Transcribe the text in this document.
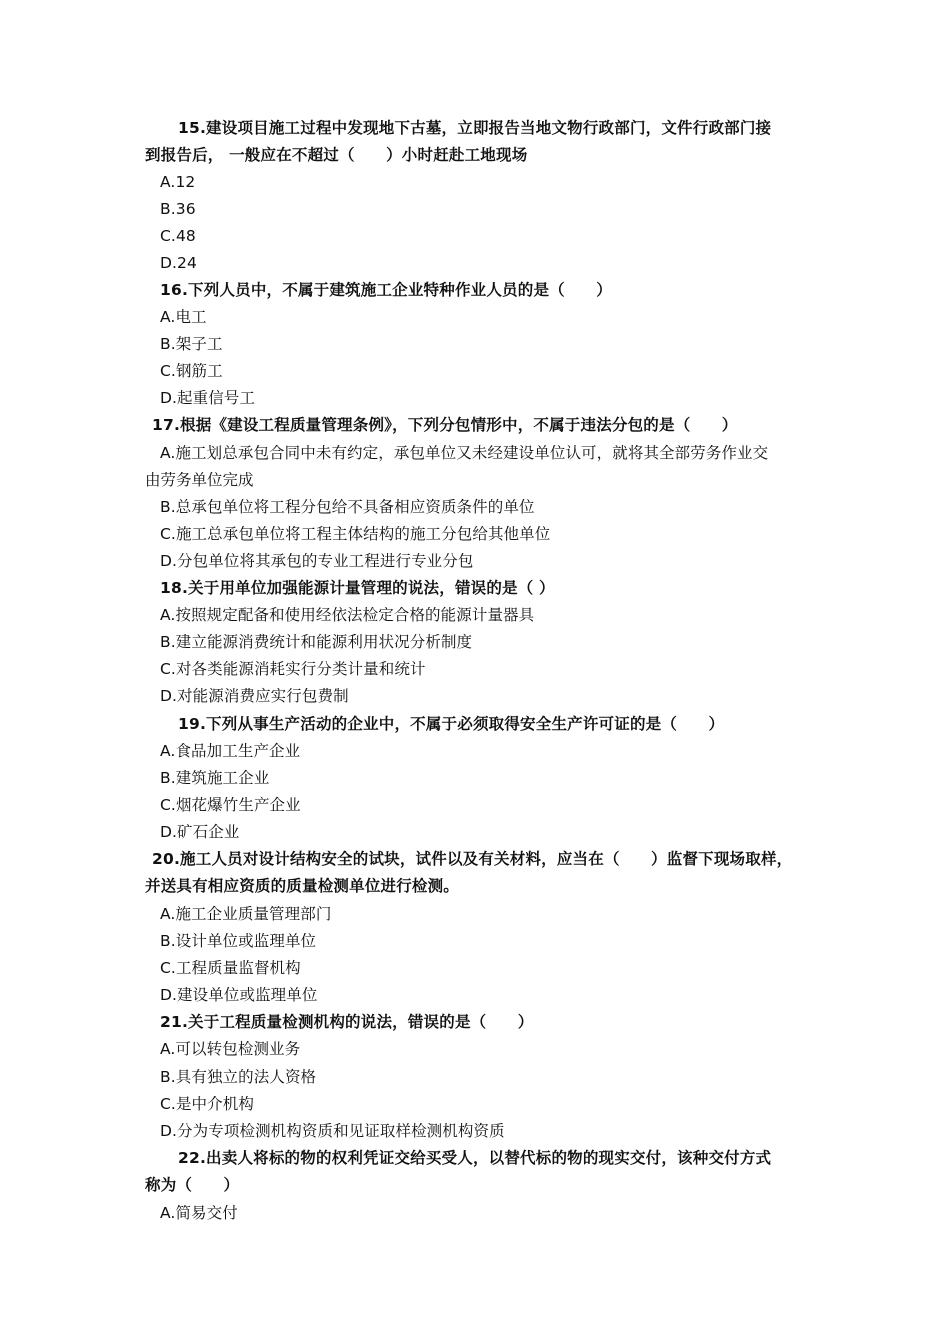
15.建设项目施工过程中发现地下古墓，立即报告当地文物行政部门，文件行政部门接
到报告后， 一般应在不超过（　　）小时赶赴工地现场
A.12
B.36
C.48
D.24
16.下列人员中，不属于建筑施工企业特种作业人员的是（　　）
A.电工
B.架子工
C.钢筋工
D.起重信号工
17.根据《建设工程质量管理条例》，下列分包情形中，不属于违法分包的是（　　）
A.施工划总承包合同中未有约定，承包单位又未经建设单位认可，就将其全部劳务作业交
由劳务单位完成
B.总承包单位将工程分包给不具备相应资质条件的单位
C.施工总承包单位将工程主体结构的施工分包给其他单位
D.分包单位将其承包的专业工程进行专业分包
18.关于用单位加强能源计量管理的说法，错误的是（ ）
A.按照规定配备和使用经依法检定合格的能源计量器具
B.建立能源消费统计和能源利用状况分析制度
C.对各类能源消耗实行分类计量和统计
D.对能源消费应实行包费制
19.下列从事生产活动的企业中，不属于必须取得安全生产许可证的是（　　）
A.食品加工生产企业
B.建筑施工企业
C.烟花爆竹生产企业
D.矿石企业
20.施工人员对设计结构安全的试块，试件以及有关材料，应当在（　　）监督下现场取样，
并送具有相应资质的质量检测单位进行检测。
A.施工企业质量管理部门
B.设计单位或监理单位
C.工程质量监督机构
D.建设单位或监理单位
21.关于工程质量检测机构的说法，错误的是（　　）
A.可以转包检测业务
B.具有独立的法人资格
C.是中介机构
D.分为专项检测机构资质和见证取样检测机构资质
22.出卖人将标的物的权利凭证交给买受人，以替代标的物的现实交付，该种交付方式
称为（　　）
A.简易交付
